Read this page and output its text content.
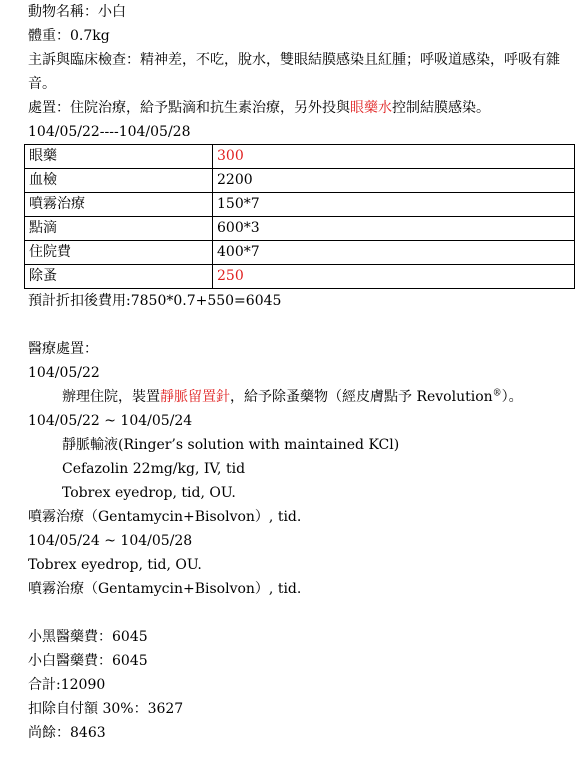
動物名稱：小白
體重：0.7kg
主訴與臨床檢查：精神差，不吃，脫水，雙眼結膜感染且紅腫；呼吸道感染，呼吸有雜音。
處置：住院治療，給予點滴和抗生素治療，另外投與眼藥水控制結膜感染。
104/05/22----104/05/28
眼藥	300
血檢	2200
噴霧治療	150*7
點滴	600*3
住院費	400*7
除蚤	250
預計折扣後費用:7850*0.7+550=6045
醫療處置：
104/05/22
辦理住院，裝置靜脈留置針，給予除蚤藥物（經皮膚點予 Revolution®）。
104/05/22 ~ 104/05/24
靜脈輸液(Ringer’s solution with maintained KCl)
Cefazolin 22mg/kg, IV, tid
Tobrex eyedrop, tid, OU.
噴霧治療（Gentamycin+Bisolvon）, tid.
104/05/24 ~ 104/05/28
Tobrex eyedrop, tid, OU.
噴霧治療（Gentamycin+Bisolvon）, tid.
小黑醫藥費：6045
小白醫藥費：6045
合計:12090
扣除自付額 30%：3627
尚餘：8463
